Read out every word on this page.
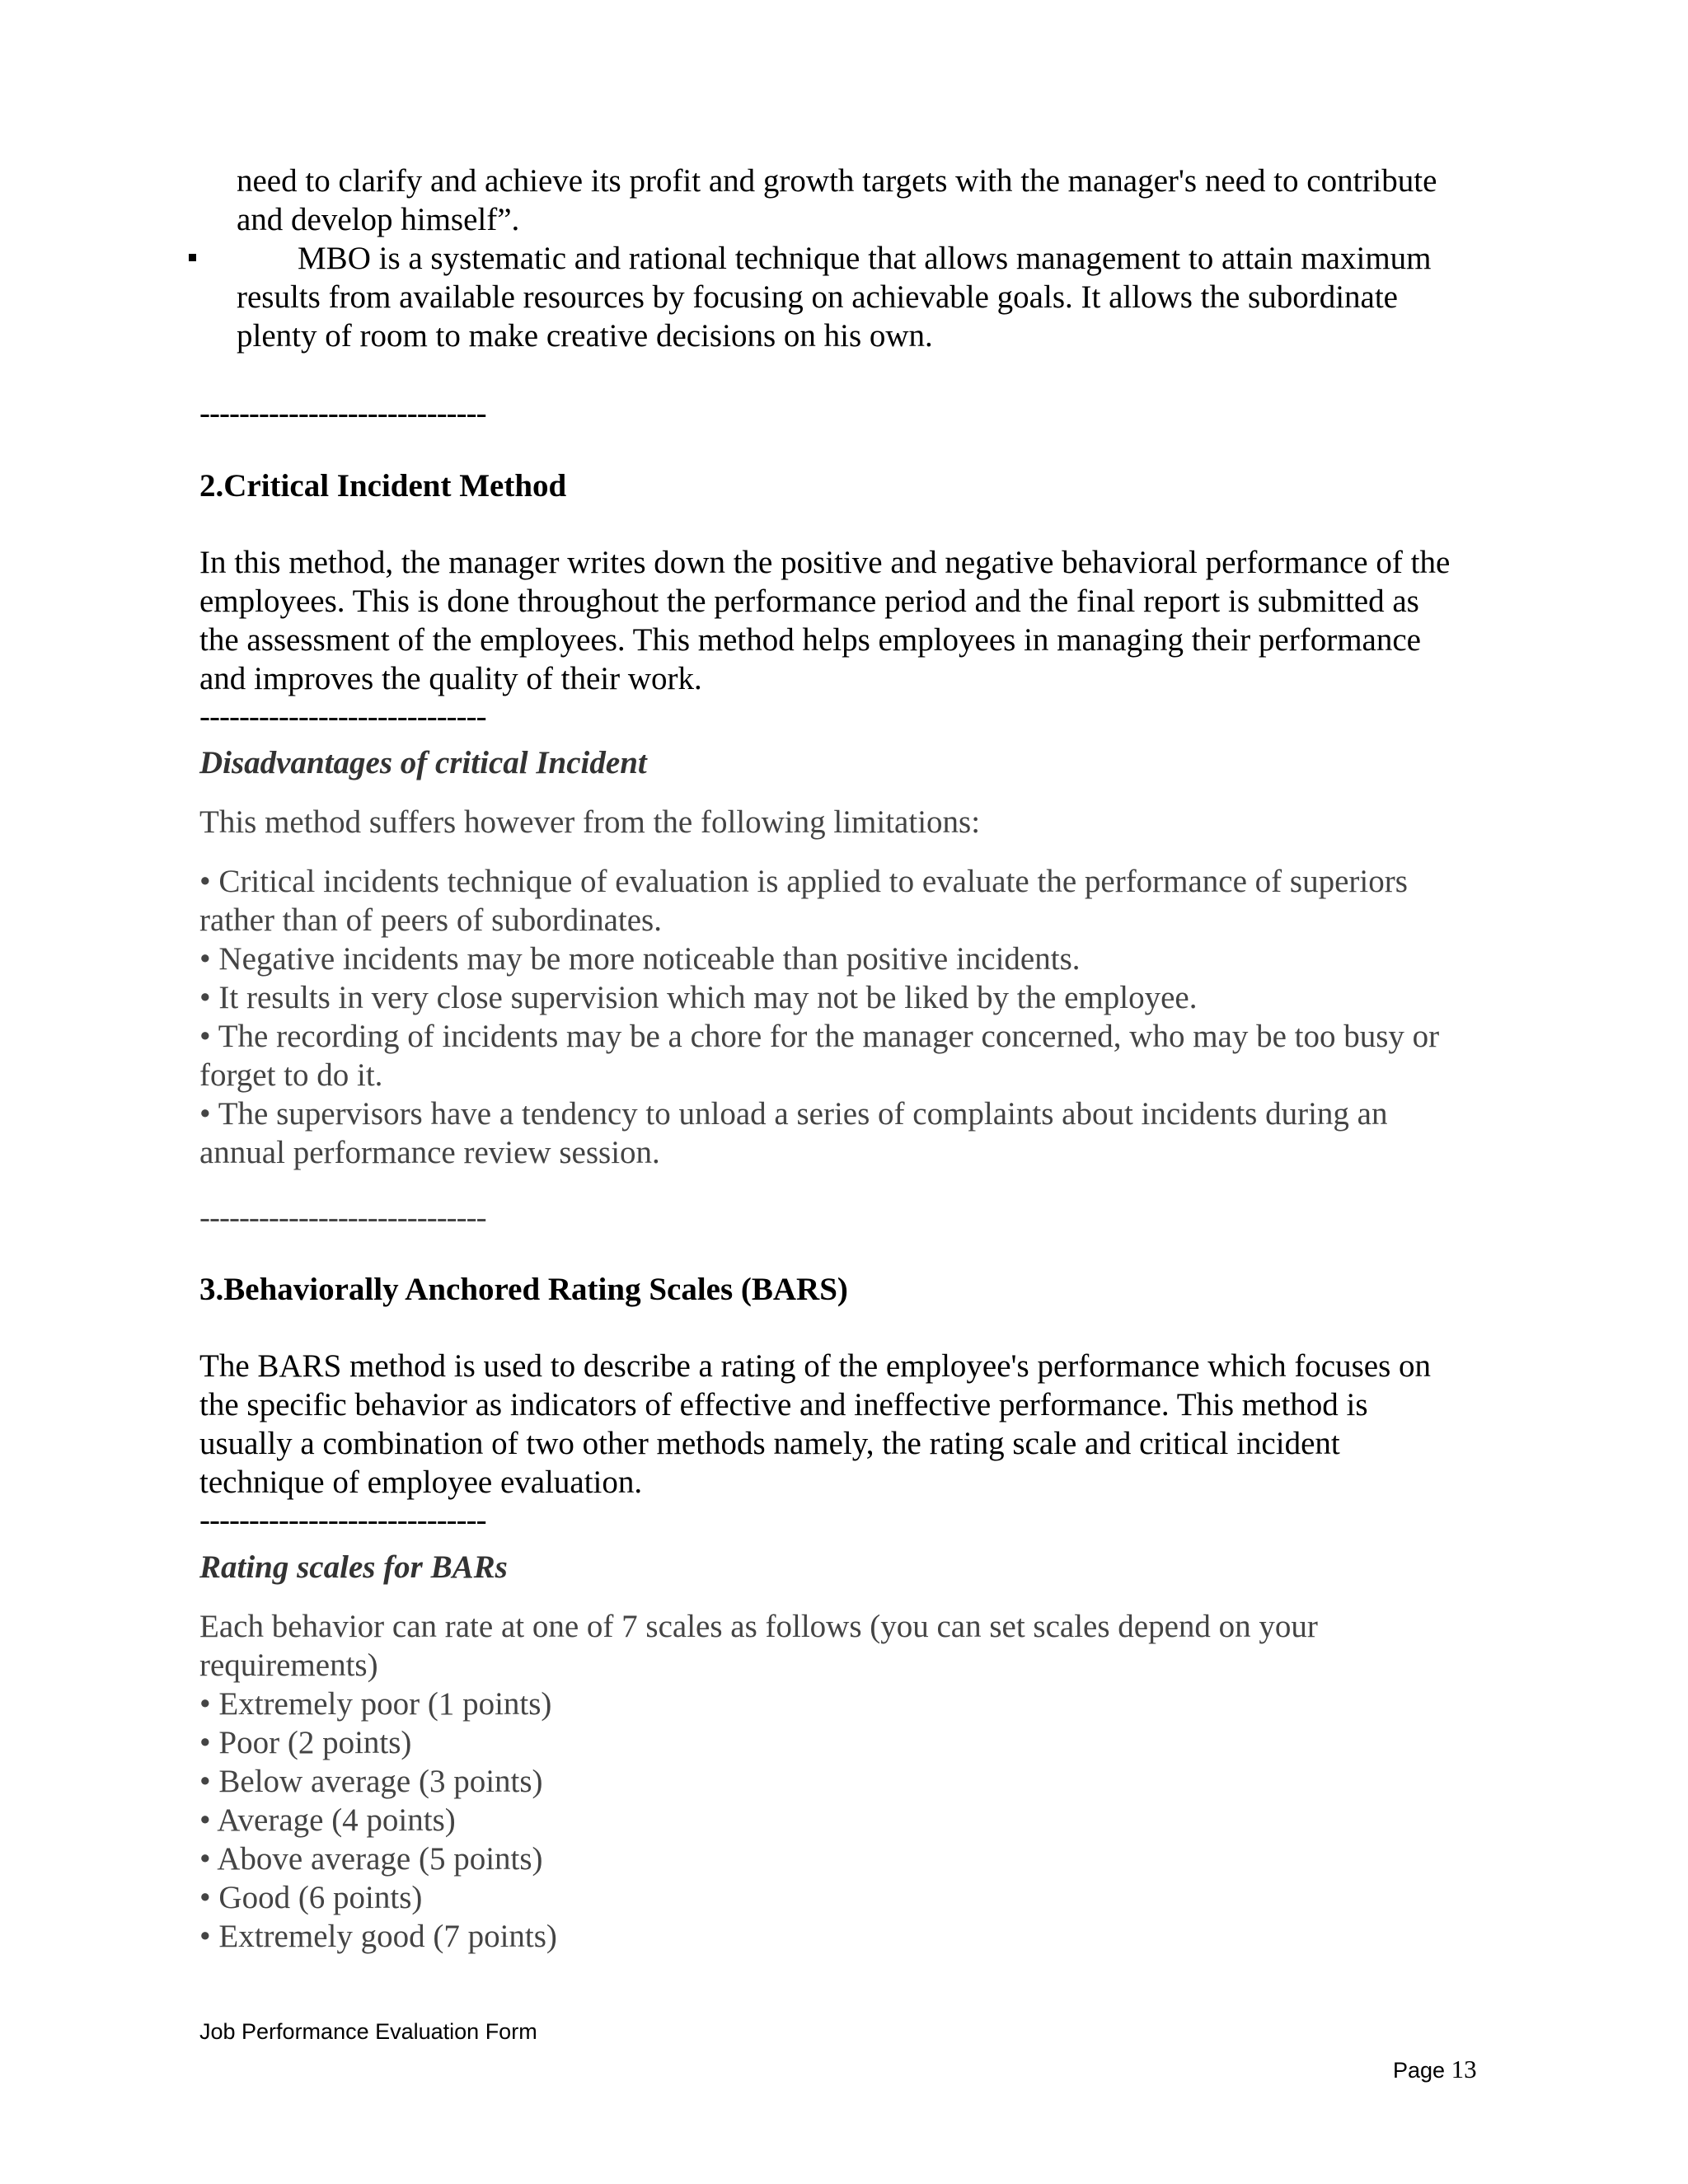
need to clarify and achieve its profit and growth targets with the manager's need to contribute
and develop himself”.
MBO is a systematic and rational technique that allows management to attain maximum
results from available resources by focusing on achievable goals. It allows the subordinate
plenty of room to make creative decisions on his own.
-----------------------------
2.Critical Incident Method
In this method, the manager writes down the positive and negative behavioral performance of the
employees. This is done throughout the performance period and the final report is submitted as
the assessment of the employees. This method helps employees in managing their performance
and improves the quality of their work.
-----------------------------
Disadvantages of critical Incident
This method suffers however from the following limitations:
• Critical incidents technique of evaluation is applied to evaluate the performance of superiors
rather than of peers of subordinates.
• Negative incidents may be more noticeable than positive incidents.
• It results in very close supervision which may not be liked by the employee.
• The recording of incidents may be a chore for the manager concerned, who may be too busy or
forget to do it.
• The supervisors have a tendency to unload a series of complaints about incidents during an
annual performance review session.
-----------------------------
3.Behaviorally Anchored Rating Scales (BARS)
The BARS method is used to describe a rating of the employee's performance which focuses on
the specific behavior as indicators of effective and ineffective performance. This method is
usually a combination of two other methods namely, the rating scale and critical incident
technique of employee evaluation.
-----------------------------
Rating scales for BARs
Each behavior can rate at one of 7 scales as follows (you can set scales depend on your
requirements)
• Extremely poor (1 points)
• Poor (2 points)
• Below average (3 points)
• Average (4 points)
• Above average (5 points)
• Good (6 points)
• Extremely good (7 points)
Job Performance Evaluation Form
Page 13
